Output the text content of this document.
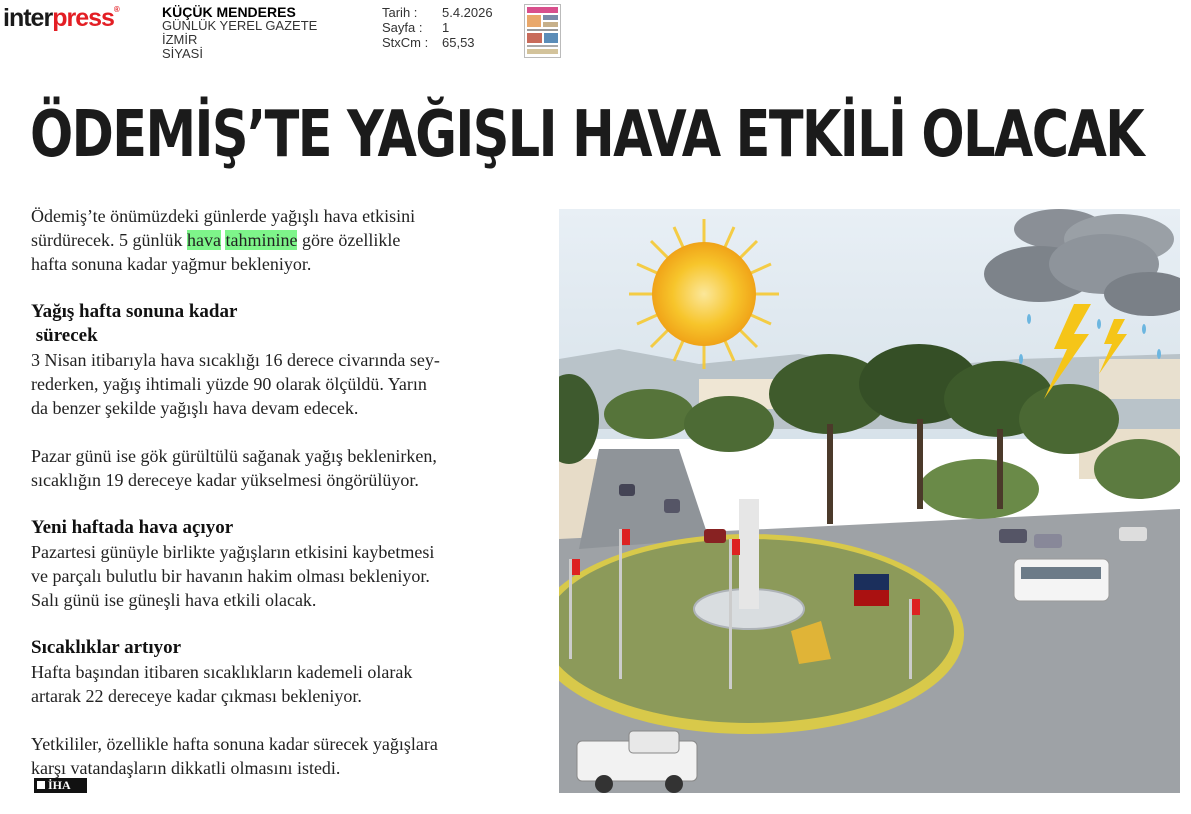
interpress®	KÜÇÜK MENDERES
GÜNLÜK YEREL GAZETE
İZMİR
SİYASİ
Tarih :	5.4.2026
Sayfa :	1
StxCm :	65,53
ÖDEMİŞ’TE YAĞIŞLI HAVA ETKİLİ OLACAK

Ödemiş’te önümüzdeki günlerde yağışlı hava etkisini
sürdürecek. 5 günlük hava tahminine göre özellikle
hafta sonuna kadar yağmur bekleniyor.

Yağış hafta sonuna kadar
sürecek

3 Nisan itibarıyla hava sıcaklığı 16 derece civarında sey-
rederken, yağış ihtimali yüzde 90 olarak ölçüldü. Yarın
da benzer şekilde yağışlı hava devam edecek.

Pazar günü ise gök gürültülü sağanak yağış beklenirken,
sıcaklığın 19 dereceye kadar yükselmesi öngörülüyor.

Yeni haftada hava açıyor

Pazartesi günüyle birlikte yağışların etkisini kaybetmesi
ve parçalı bulutlu bir havanın hakim olması bekleniyor.
Salı günü ise güneşli hava etkili olacak.

Sıcaklıklar artıyor

Hafta başından itibaren sıcaklıkların kademeli olarak
artarak 22 dereceye kadar çıkması bekleniyor.

Yetkililer, özellikle hafta sonuna kadar sürecek yağışlara
karşı vatandaşların dikkatli olmasını istedi.

İHA
